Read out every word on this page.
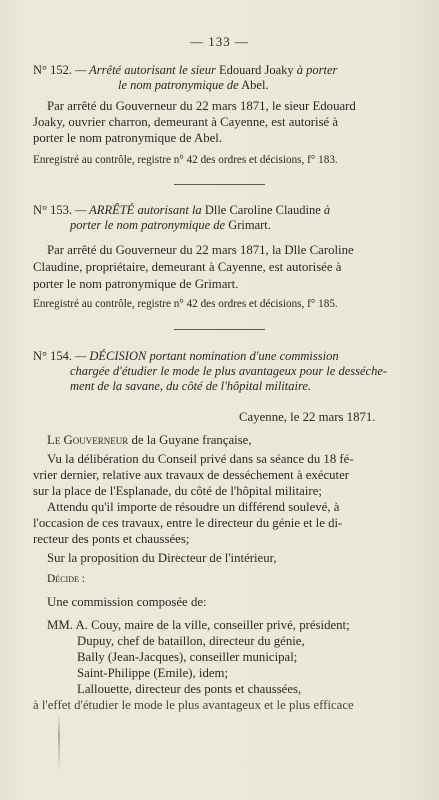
— 133 —
N° 152. — Arrêté autorisant le sieur Edouard Joaky à porter
le nom patronymique de Abel.
Par arrêté du Gouverneur du 22 mars 1871, le sieur Edouard
Joaky, ouvrier charron, demeurant à Cayenne, est autorisé à
porter le nom patronymique de Abel.
Enregistré au contrôle, registre n° 42 des ordres et décisions, f° 183.
N° 153. — ARRÊTÉ autorisant la Dlle Caroline Claudine à
porter le nom patronymique de Grimart.
Par arrêté du Gouverneur du 22 mars 1871, la Dlle Caroline
Claudine, propriétaire, demeurant à Cayenne, est autorisée à
porter le nom patronymique de Grimart.
Enregistré au contrôle, registre n° 42 des ordres et décisions, f° 185.
N° 154. — DÉCISION portant nomination d'une commission
chargée d'étudier le mode le plus avantageux pour le desséche-
ment de la savane, du côté de l'hôpital militaire.
Cayenne, le 22 mars 1871.
Le Gouverneur de la Guyane française,
Vu la délibération du Conseil privé dans sa séance du 18 fé-
vrier dernier, relative aux travaux de desséchement à exécuter
sur la place de l'Esplanade, du côté de l'hôpital militaire;
Attendu qu'il importe de résoudre un différend soulevé, à
l'occasion de ces travaux, entre le directeur du génie et le di-
recteur des ponts et chaussées;
Sur la proposition du Directeur de l'intérieur,
Décide :
Une commission composée de:
MM. A. Couy, maire de la ville, conseiller privé, président;
Dupuy, chef de bataillon, directeur du génie,
Bally (Jean-Jacques), conseiller municipal;
Saint-Philippe (Emile), idem;
Lallouette, directeur des ponts et chaussées,
à l'effet d'étudier le mode le plus avantageux et le plus efficace
